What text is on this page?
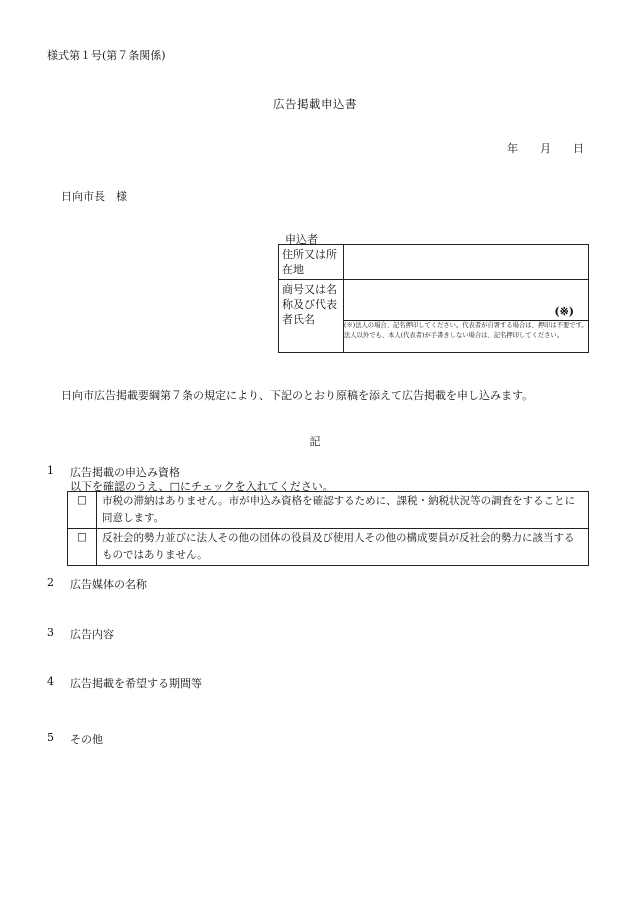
様式第１号(第７条関係)
広告掲載申込書
年 月 日
日向市長　様
申込者
住所又は所在地	
商号又は名称及び代表者氏名	(※)

	(※)法人の場合、記名押印してください。代表者が自署する場合は、押印は不要です。法人以外でも、本人(代表者)が手書きしない場合は、記名押印してください。
日向市広告掲載要綱第７条の規定により、下記のとおり原稿を添えて広告掲載を申し込みます。
記
1 広告掲載の申込み資格
以下を確認のうえ、□にチェックを入れてください。
□	市税の滞納はありません。市が申込み資格を確認するために、課税・納税状況等の調査をすることに同意します。
□	反社会的勢力並びに法人その他の団体の役員及び使用人その他の構成要員が反社会的勢力に該当するものではありません。
2 広告媒体の名称
3 広告内容
4 広告掲載を希望する期間等
5 その他
